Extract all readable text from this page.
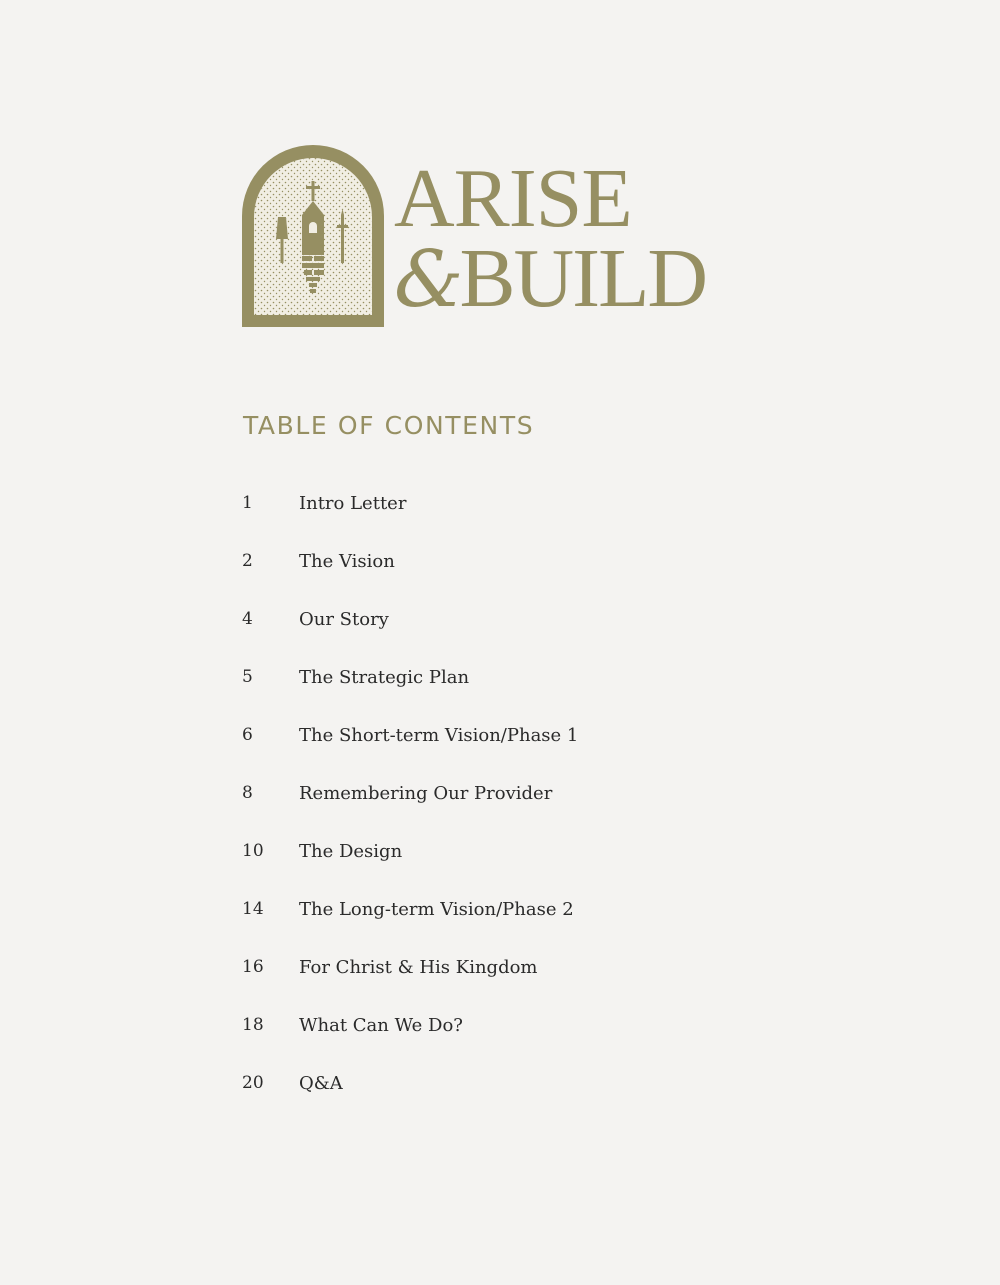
ARISE
&BUILD
TABLE OF CONTENTS
1	Intro Letter
2	The Vision
4	Our Story
5	The Strategic Plan
6	The Short-term Vision/Phase 1
8	Remembering Our Provider
10	The Design
14	The Long-term Vision/Phase 2
16	For Christ & His Kingdom
18	What Can We Do?
20	Q&A
